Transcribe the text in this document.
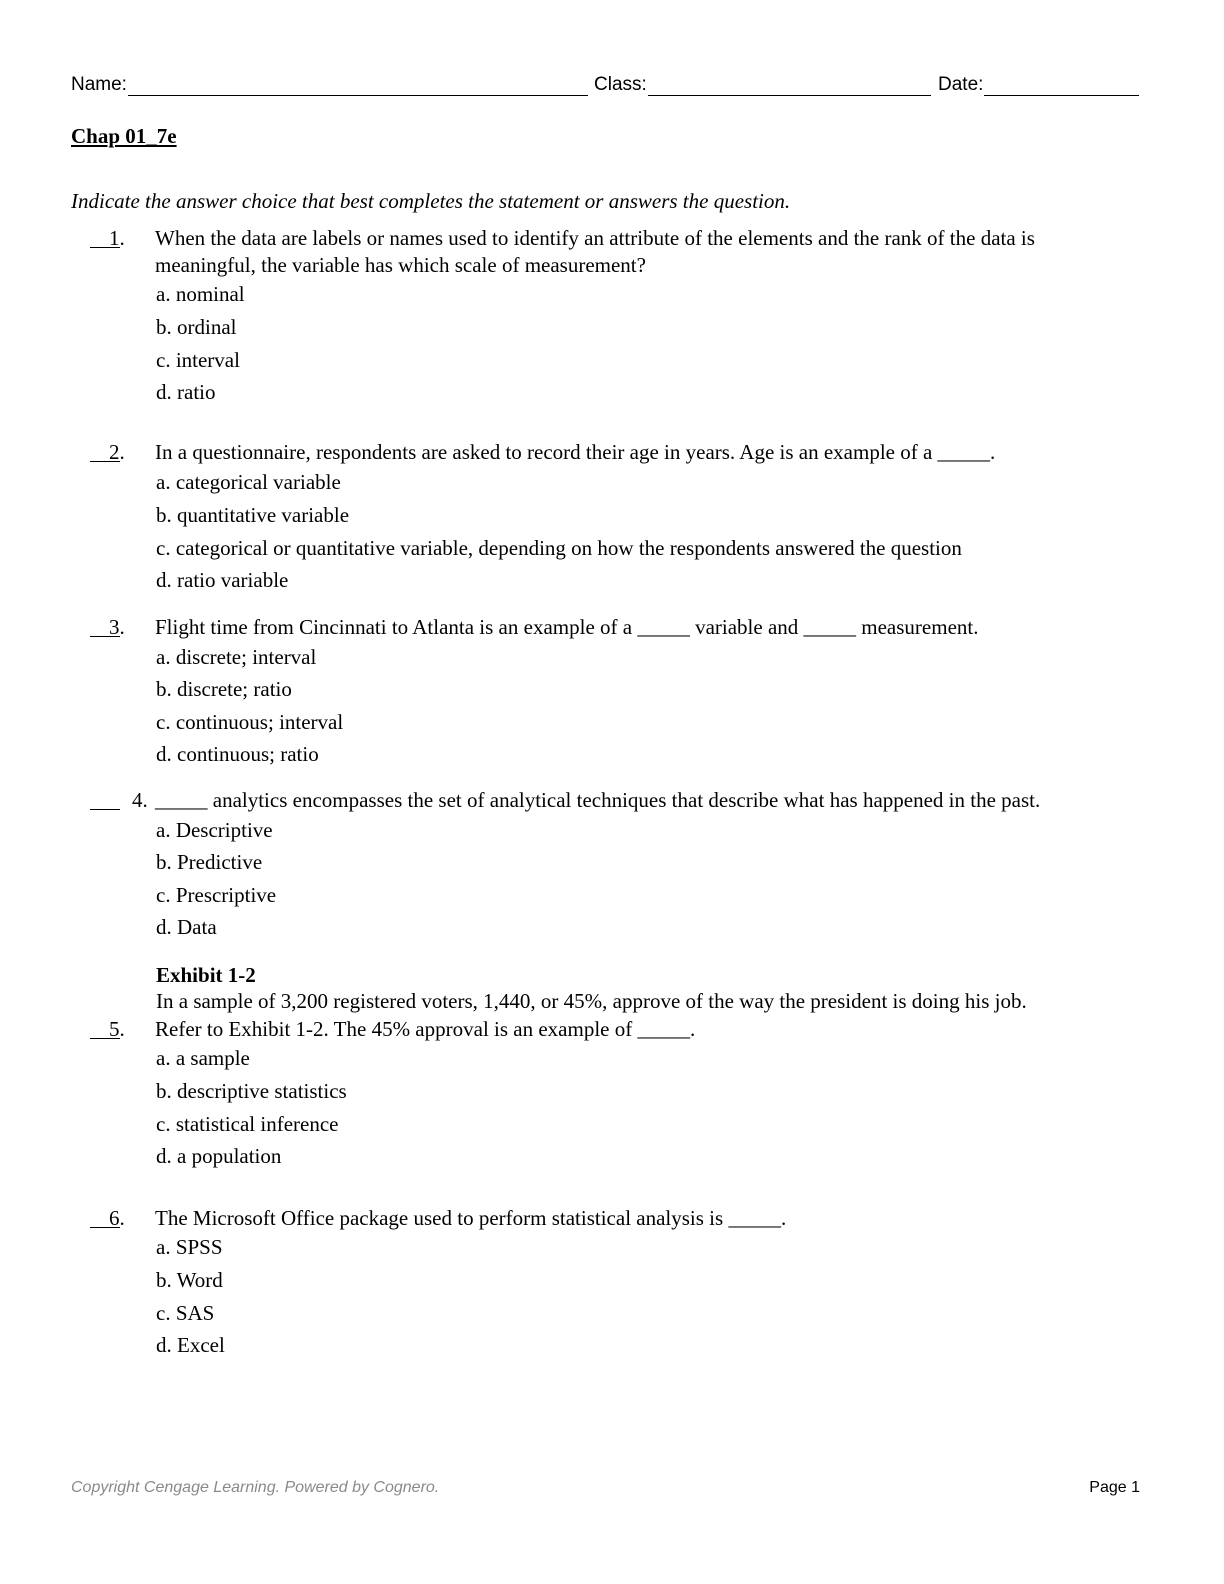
Name:	Class:	Date:
Chap 01_7e

Indicate the answer choice that best completes the statement or answers the question.

1. When the data are labels or names used to identify an attribute of the elements and the rank of the data is meaningful, the variable has which scale of measurement?
a. nominal
b. ordinal
c. interval
d. ratio
2. In a questionnaire, respondents are asked to record their age in years. Age is an example of a _____.
a. categorical variable
b. quantitative variable
c. categorical or quantitative variable, depending on how the respondents answered the question
d. ratio variable
3. Flight time from Cincinnati to Atlanta is an example of a _____ variable and _____ measurement.
a. discrete; interval
b. discrete; ratio
c. continuous; interval
d. continuous; ratio
4. _____ analytics encompasses the set of analytical techniques that describe what has happened in the past.
a. Descriptive
b. Predictive
c. Prescriptive
d. Data
Exhibit 1-2
In a sample of 3,200 registered voters, 1,440, or 45%, approve of the way the president is doing his job.
5. Refer to Exhibit 1-2. The 45% approval is an example of _____.
a. a sample
b. descriptive statistics
c. statistical inference
d. a population
6. The Microsoft Office package used to perform statistical analysis is _____.
a. SPSS
b. Word
c. SAS
d. Excel
Copyright Cengage Learning. Powered by Cognero.	Page 1
